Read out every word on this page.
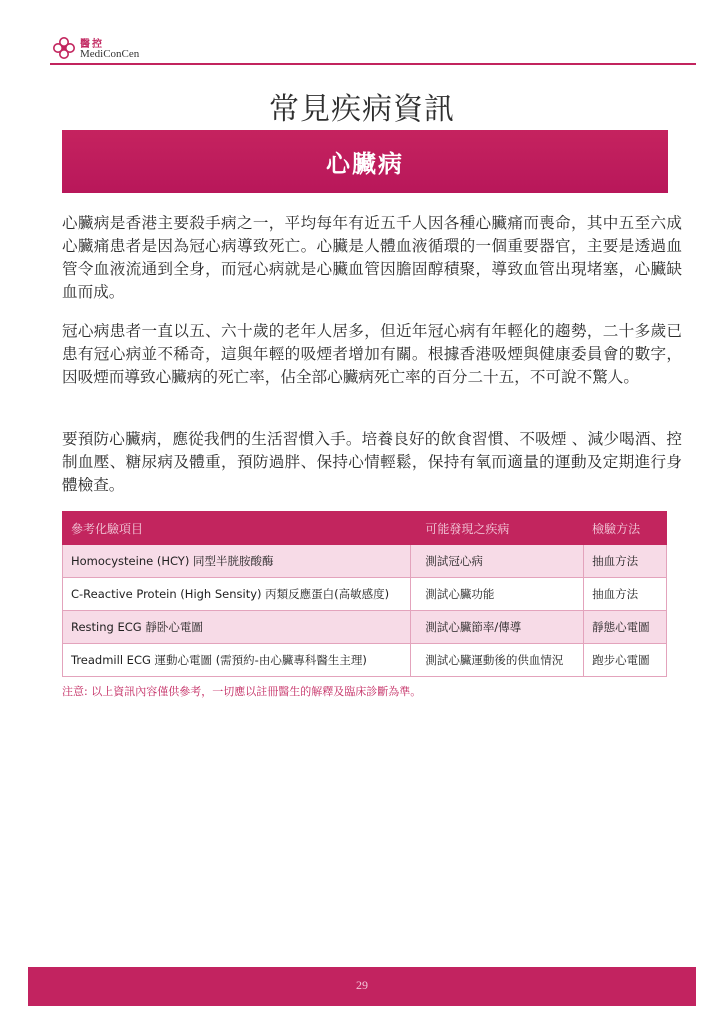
醫控
MediConCen
常見疾病資訊
心臟病

心臟病是香港主要殺手病之一，平均每年有近五千人因各種心臟痛而喪命，其中五至六成心臟痛患者是因為冠心病導致死亡。心臟是人體血液循環的一個重要器官，主要是透過血管令血液流通到全身，而冠心病就是心臟血管因膽固醇積聚，導致血管出現堵塞，心臟缺血而成。

冠心病患者一直以五、六十歲的老年人居多，但近年冠心病有年輕化的趨勢，二十多歲已患有冠心病並不稀奇，這與年輕的吸煙者增加有關。根據香港吸煙與健康委員會的數字，因吸煙而導致心臟病的死亡率，佔全部心臟病死亡率的百分二十五，不可說不驚人。

要預防心臟病，應從我們的生活習慣入手。培養良好的飲食習慣、不吸煙 、減少喝酒、控制血壓、糖尿病及體重，預防過胖、保持心情輕鬆，保持有氧而適量的運動及定期進行身體檢查。

參考化驗項目	可能發現之疾病	檢驗方法
Homocysteine (HCY) 同型半胱胺酸酶	測試冠心病	抽血方法
C-Reactive Protein (High Sensity) 丙類反應蛋白(高敏感度)	測試心臟功能	抽血方法
Resting ECG 靜卧心電圖	測試心臟節率/傳導	靜態心電圖
Treadmill ECG 運動心電圖 (需預約-由心臟專科醫生主理)	測試心臟運動後的供血情況	跑步心電圖
注意: 以上資訊內容僅供參考，一切應以註冊醫生的解釋及臨床診斷為準。
29
